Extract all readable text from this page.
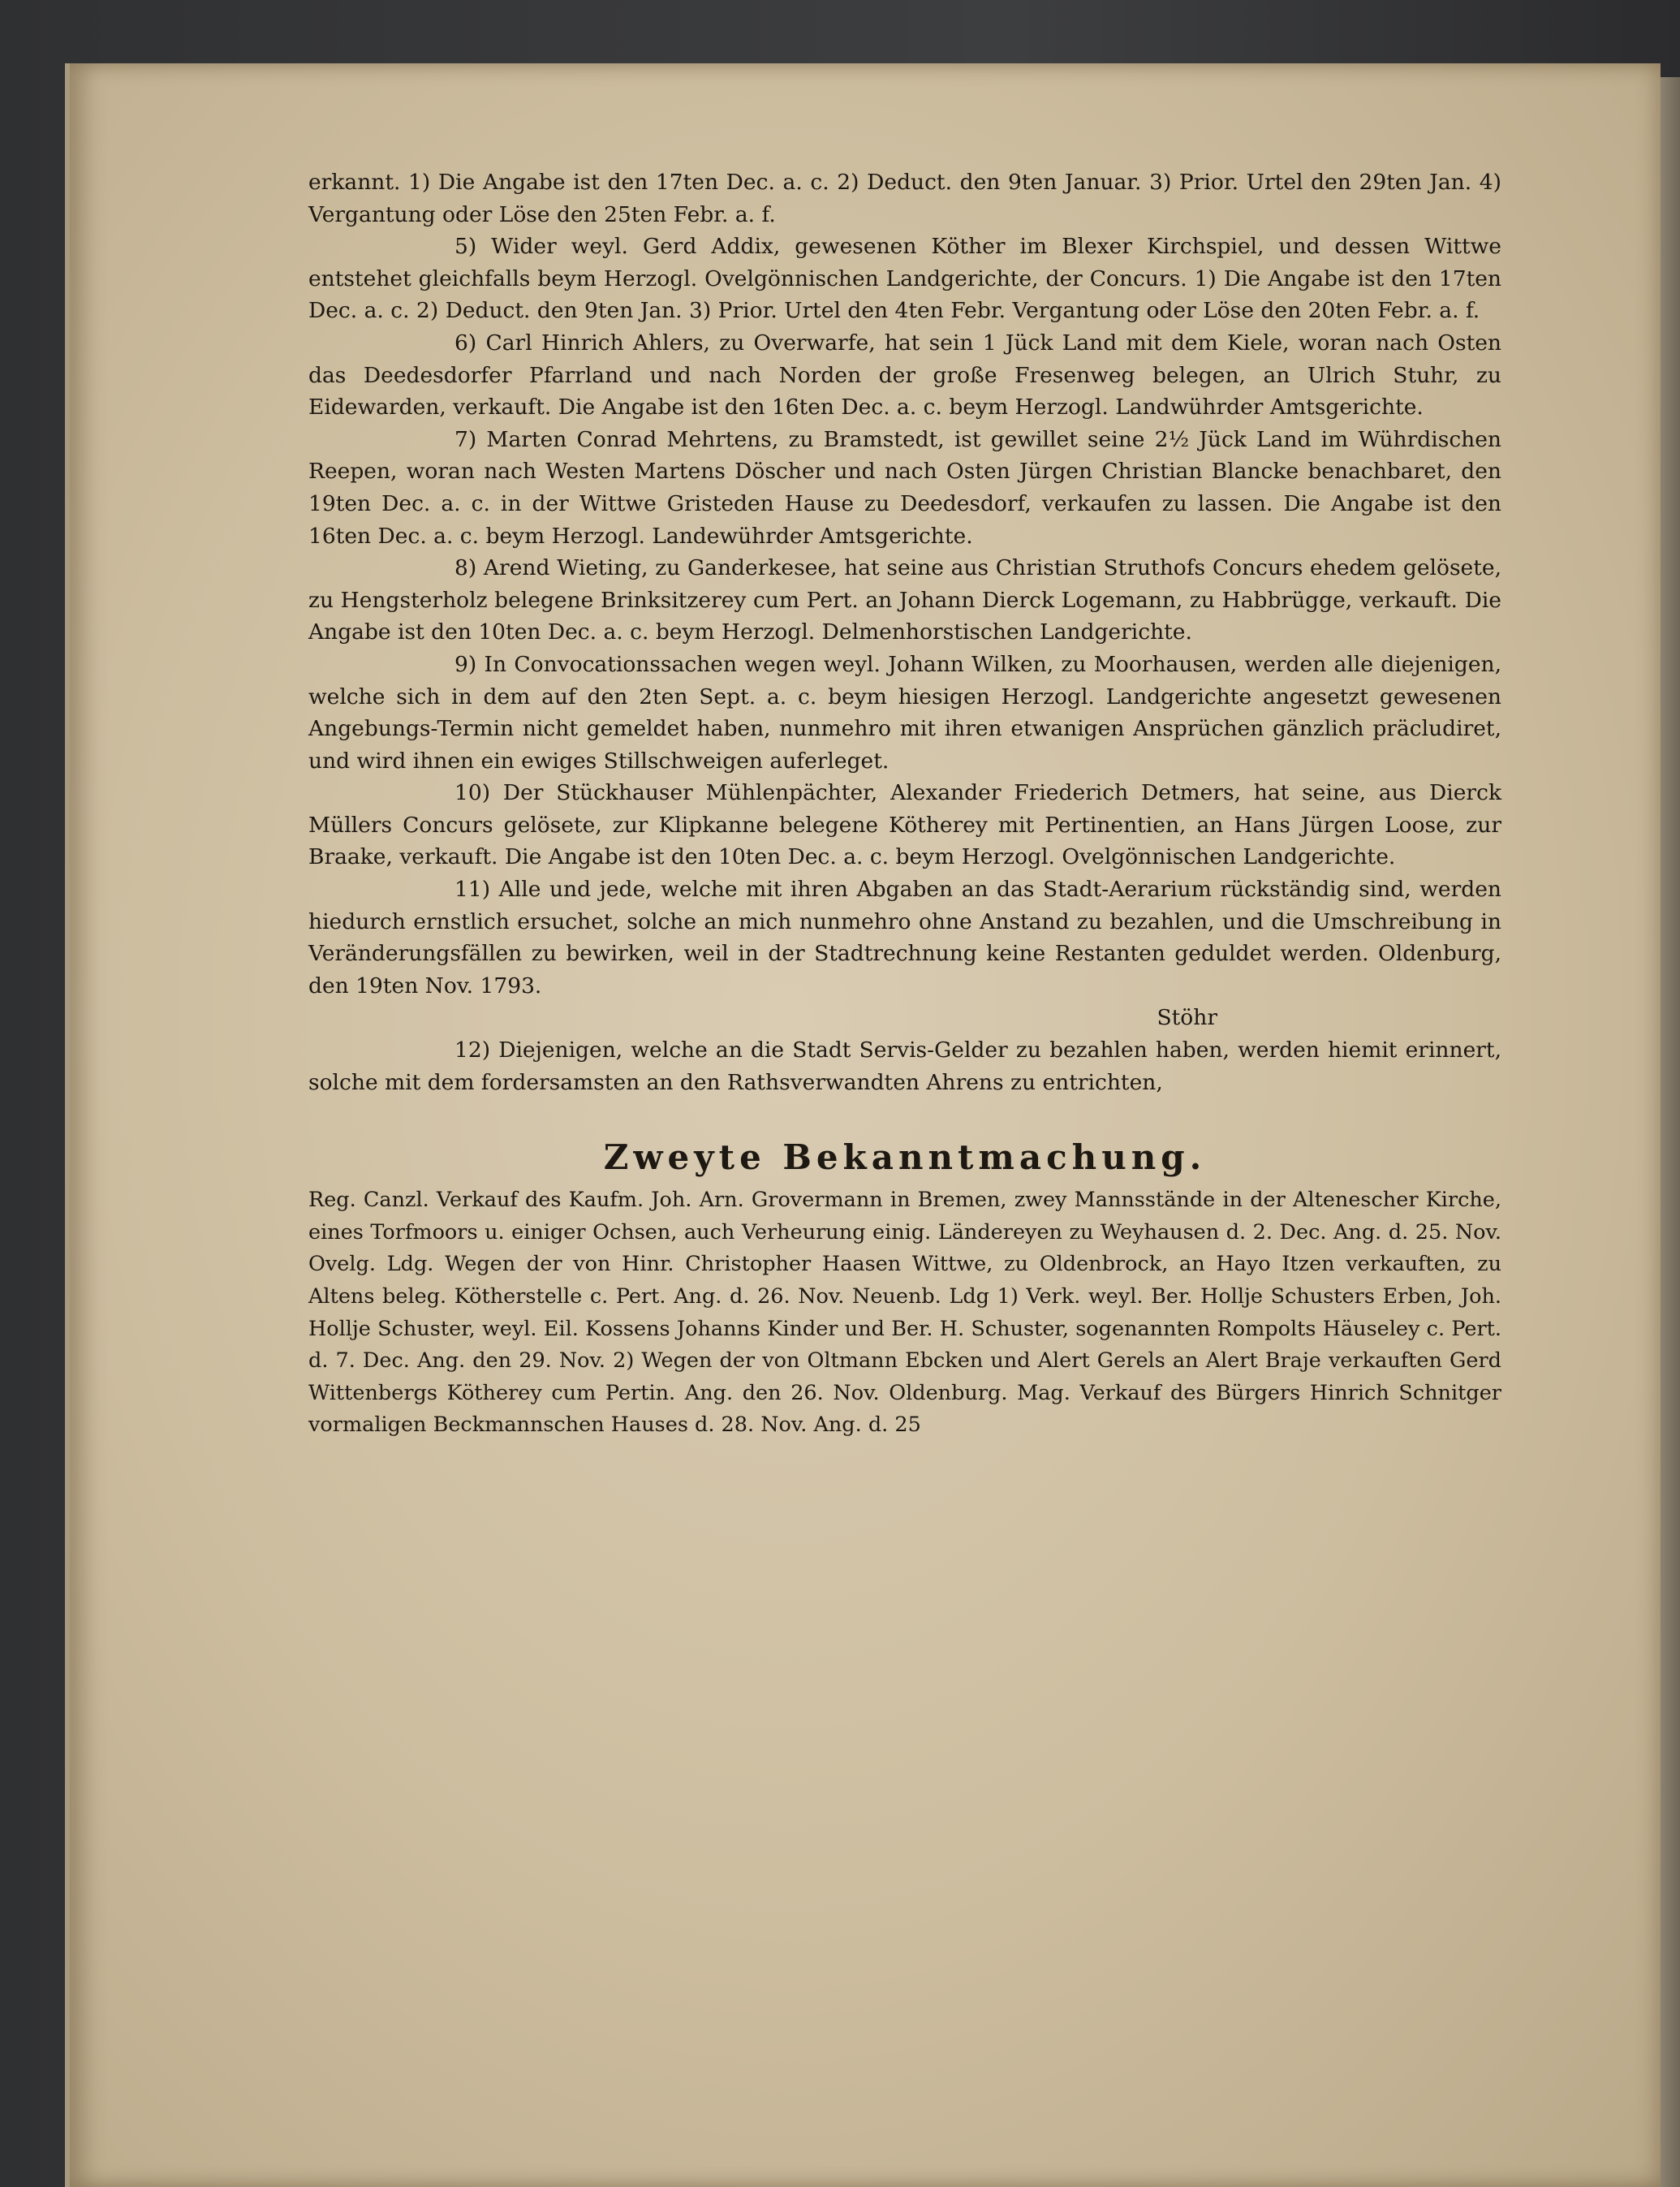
erkannt. 1) Die Angabe ist den 17ten Dec. a. c. 2) Deduct. den 9ten Januar. 3) Prior. Urtel den 29ten Jan. 4) Vergantung oder Löse den 25ten Febr. a. f.

5) Wider weyl. Gerd Addix, gewesenen Köther im Blexer Kirchspiel, und dessen Wittwe entstehet gleichfalls beym Herzogl. Ovelgönnischen Landgerichte, der Concurs. 1) Die Angabe ist den 17ten Dec. a. c. 2) Deduct. den 9ten Jan. 3) Prior. Urtel den 4ten Febr. Vergantung oder Löse den 20ten Febr. a. f.

6) Carl Hinrich Ahlers, zu Overwarfe, hat sein 1 Jück Land mit dem Kiele, woran nach Osten das Deedesdorfer Pfarrland und nach Norden der große Fresenweg belegen, an Ulrich Stuhr, zu Eidewarden, verkauft. Die Angabe ist den 16ten Dec. a. c. beym Herzogl. Landwührder Amtsgerichte.

7) Marten Conrad Mehrtens, zu Bramstedt, ist gewillet seine 2½ Jück Land im Wührdischen Reepen, woran nach Westen Martens Döscher und nach Osten Jürgen Christian Blancke benachbaret, den 19ten Dec. a. c. in der Wittwe Gristeden Hause zu Deedesdorf, verkaufen zu lassen. Die Angabe ist den 16ten Dec. a. c. beym Herzogl. Landewührder Amtsgerichte.

8) Arend Wieting, zu Ganderkesee, hat seine aus Christian Struthofs Concurs ehedem gelösete, zu Hengsterholz belegene Brinksitzerey cum Pert. an Johann Dierck Logemann, zu Habbrügge, verkauft. Die Angabe ist den 10ten Dec. a. c. beym Herzogl. Delmenhorstischen Landgerichte.

9) In Convocationssachen wegen weyl. Johann Wilken, zu Moorhausen, werden alle diejenigen, welche sich in dem auf den 2ten Sept. a. c. beym hiesigen Herzogl. Landgerichte angesetzt gewesenen Angebungs-Termin nicht gemeldet haben, nunmehro mit ihren etwanigen Ansprüchen gänzlich präcludiret, und wird ihnen ein ewiges Stillschweigen auferleget.

10) Der Stückhauser Mühlenpächter, Alexander Friederich Detmers, hat seine, aus Dierck Müllers Concurs gelösete, zur Klipkanne belegene Kötherey mit Pertinentien, an Hans Jürgen Loose, zur Braake, verkauft. Die Angabe ist den 10ten Dec. a. c. beym Herzogl. Ovelgönnischen Landgerichte.

11) Alle und jede, welche mit ihren Abgaben an das Stadt-Aerarium rückständig sind, werden hiedurch ernstlich ersuchet, solche an mich nunmehro ohne Anstand zu bezahlen, und die Umschreibung in Veränderungsfällen zu bewirken, weil in der Stadtrechnung keine Restanten geduldet werden. Oldenburg, den 19ten Nov. 1793.

Stöhr

12) Diejenigen, welche an die Stadt Servis-Gelder zu bezahlen haben, werden hiemit erinnert, solche mit dem fordersamsten an den Rathsverwandten Ahrens zu entrichten,

Zweyte Bekanntmachung.

Reg. Canzl. Verkauf des Kaufm. Joh. Arn. Grovermann in Bremen, zwey Mannsstände in der Altenescher Kirche, eines Torfmoors u. einiger Ochsen, auch Verheurung einig. Ländereyen zu Weyhausen d. 2. Dec. Ang. d. 25. Nov. Ovelg. Ldg. Wegen der von Hinr. Christopher Haasen Wittwe, zu Oldenbrock, an Hayo Itzen verkauften, zu Altens beleg. Kötherstelle c. Pert. Ang. d. 26. Nov. Neuenb. Ldg 1) Verk. weyl. Ber. Hollje Schusters Erben, Joh. Hollje Schuster, weyl. Eil. Kossens Johanns Kinder und Ber. H. Schuster, sogenannten Rompolts Häuseley c. Pert. d. 7. Dec. Ang. den 29. Nov. 2) Wegen der von Oltmann Ebcken und Alert Gerels an Alert Braje verkauften Gerd Wittenbergs Kötherey cum Pertin. Ang. den 26. Nov. Oldenburg. Mag. Verkauf des Bürgers Hinrich Schnitger vormaligen Beckmannschen Hauses d. 28. Nov. Ang. d. 25
